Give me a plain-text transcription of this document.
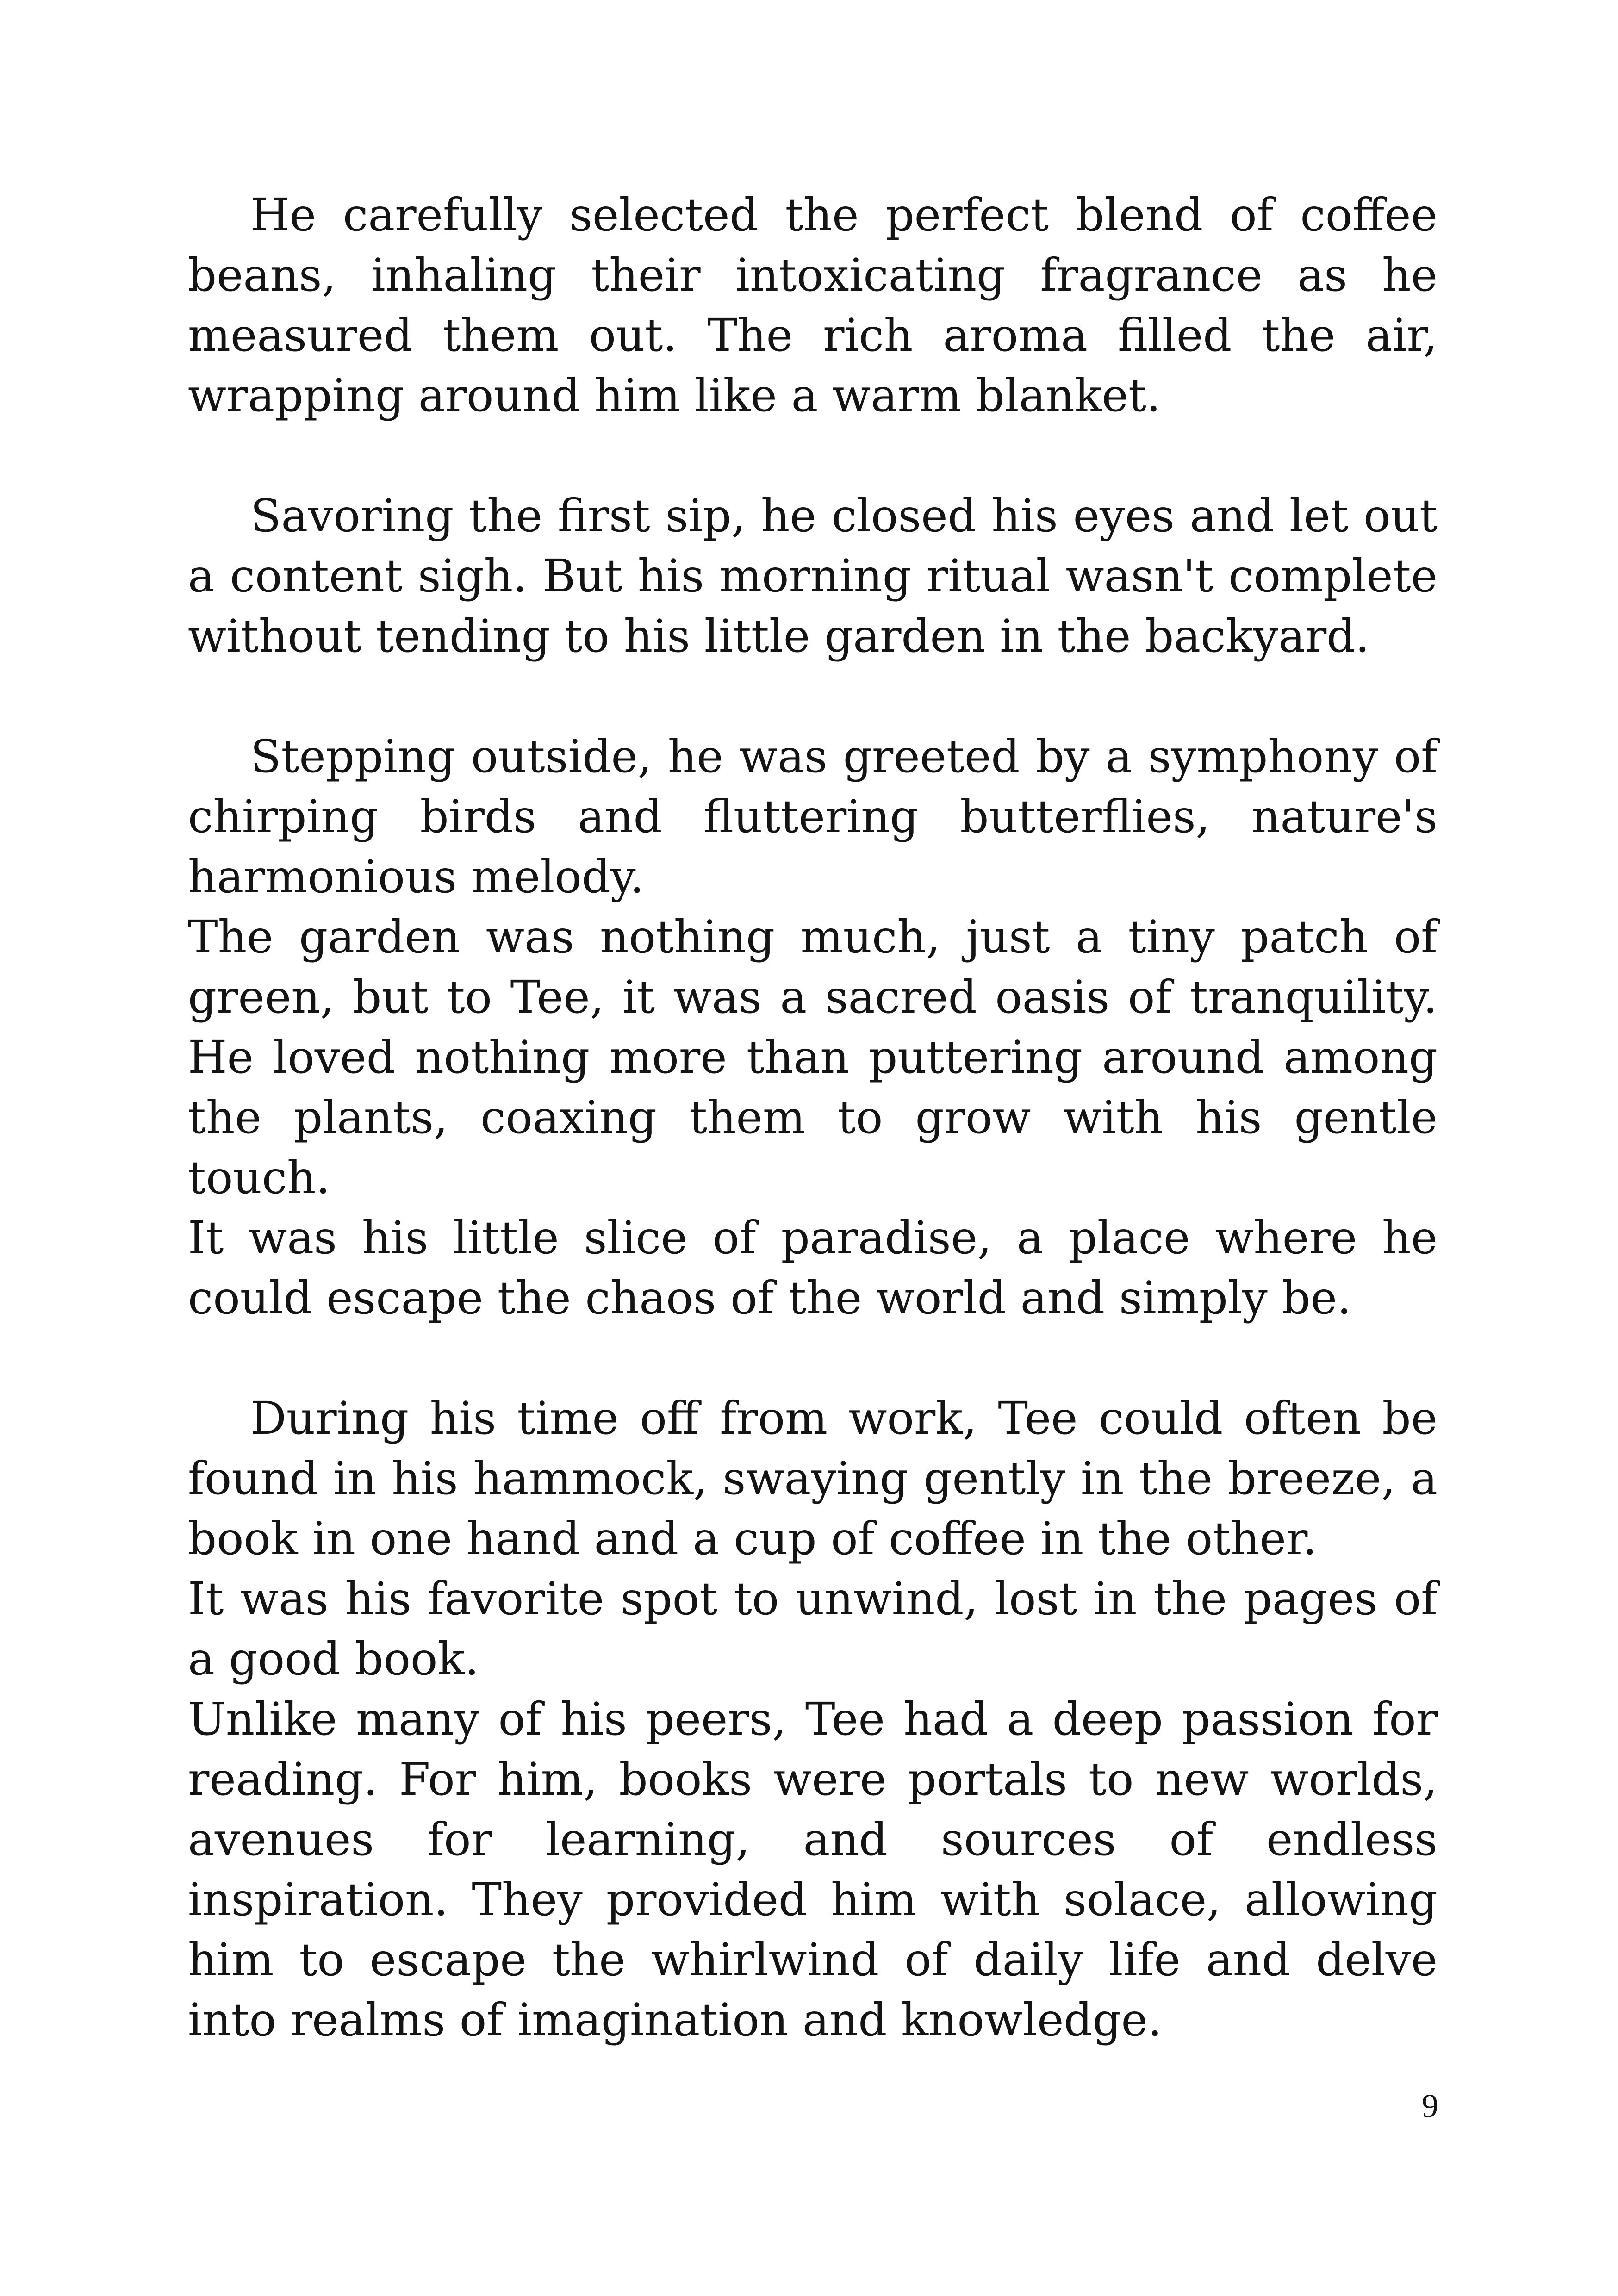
He carefully selected the perfect blend of coffee beans, inhaling their intoxicating fragrance as he measured them out. The rich aroma filled the air, wrapping around him like a warm blanket.

Savoring the first sip, he closed his eyes and let out a content sigh. But his morning ritual wasn't complete without tending to his little garden in the backyard.

Stepping outside, he was greeted by a symphony of chirping birds and fluttering butterflies, nature's harmonious melody.

The garden was nothing much, just a tiny patch of green, but to Tee, it was a sacred oasis of tranquility. He loved nothing more than puttering around among the plants, coaxing them to grow with his gentle touch.

It was his little slice of paradise, a place where he could escape the chaos of the world and simply be.

During his time off from work, Tee could often be found in his hammock, swaying gently in the breeze, a book in one hand and a cup of coffee in the other.

It was his favorite spot to unwind, lost in the pages of a good book.

Unlike many of his peers, Tee had a deep passion for reading. For him, books were portals to new worlds, avenues for learning, and sources of endless inspiration. They provided him with solace, allowing him to escape the whirlwind of daily life and delve into realms of imagination and knowledge.

9
